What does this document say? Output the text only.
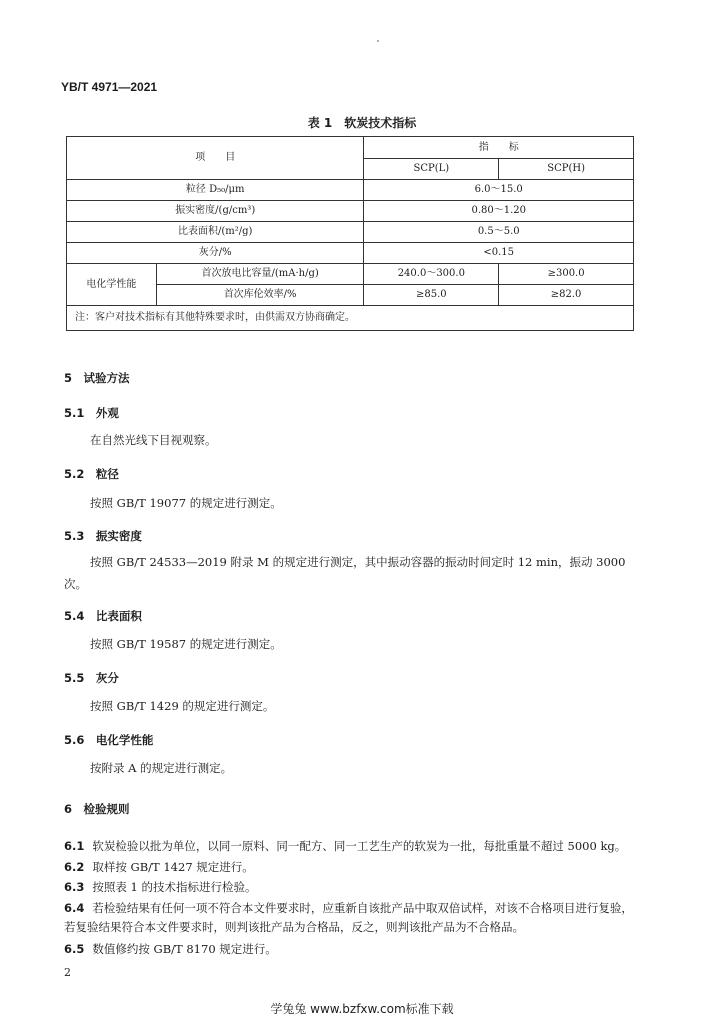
YB/T 4971—2021
表 1　软炭技术指标
项　　目		指　　标	
		SCP(L)	SCP(H)
粒径 D₅₀/μm		6.0～15.0	
振实密度/(g/cm³)		0.80～1.20	
比表面积/(m²/g)		0.5～5.0	
灰分/%		<0.15	
电化学性能	首次放电比容量/(mA·h/g)	240.0～300.0	≥300.0
	首次库伦效率/%	≥85.0	≥82.0
注：客户对技术指标有其他特殊要求时，由供需双方协商确定。			
5　试验方法
5.1　外观
在自然光线下目视观察。
5.2　粒径
按照 GB/T 19077 的规定进行测定。
5.3　振实密度
按照 GB/T 24533—2019 附录 M 的规定进行测定，其中振动容器的振动时间定时 12 min，振动 3000 次。
5.4　比表面积
按照 GB/T 19587 的规定进行测定。
5.5　灰分
按照 GB/T 1429 的规定进行测定。
5.6　电化学性能
按附录 A 的规定进行测定。
6　检验规则
6.1 软炭检验以批为单位，以同一原料、同一配方、同一工艺生产的软炭为一批，每批重量不超过 5000 kg。
6.2 取样按 GB/T 1427 规定进行。
6.3 按照表 1 的技术指标进行检验。
6.4 若检验结果有任何一项不符合本文件要求时，应重新自该批产品中取双倍试样，对该不合格项目进行复验，若复验结果符合本文件要求时，则判该批产品为合格品，反之，则判该批产品为不合格品。
6.5 数值修约按 GB/T 8170 规定进行。
2
学兔兔 www.bzfxw.com标准下载
